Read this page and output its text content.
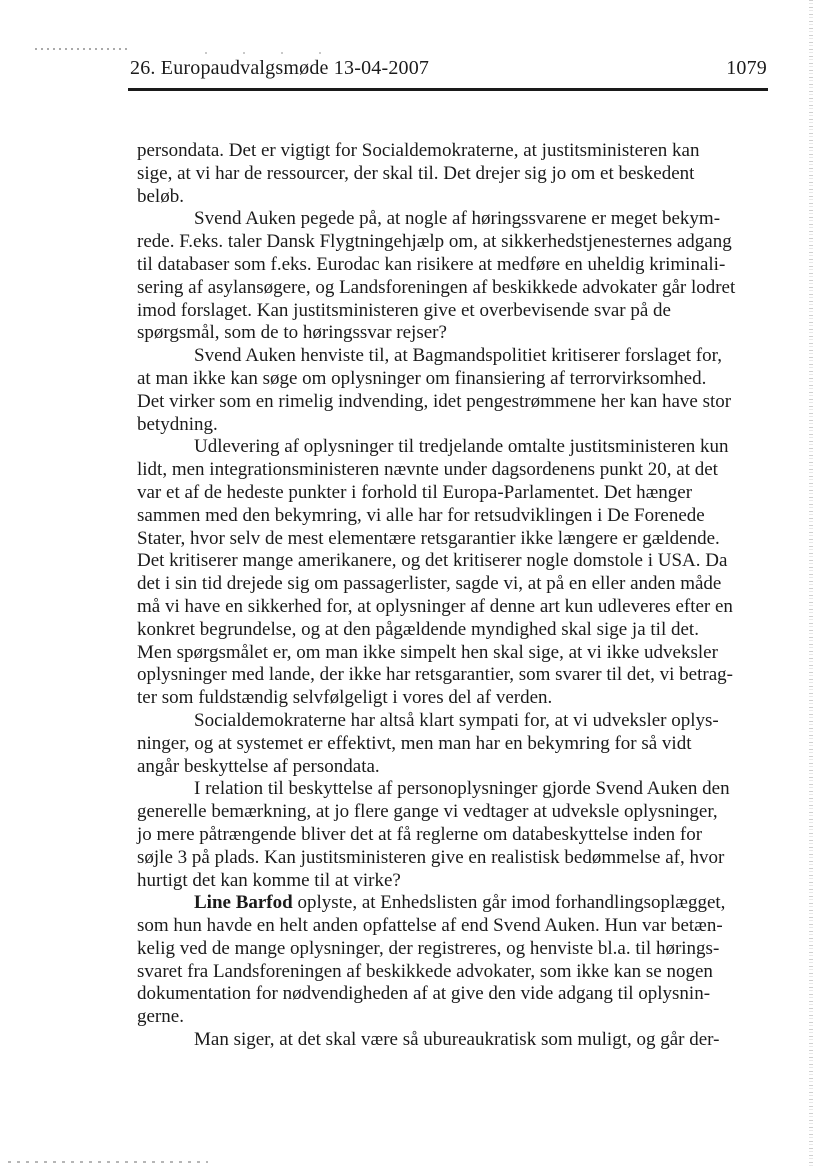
26. Europaudvalgsmøde 13-04-2007	1079
persondata. Det er vigtigt for Socialdemokraterne, at justitsministeren kan
sige, at vi har de ressourcer, der skal til. Det drejer sig jo om et beskedent
beløb.
Svend Auken pegede på, at nogle af høringssvarene er meget bekym-
rede. F.eks. taler Dansk Flygtningehjælp om, at sikkerhedstjenesternes adgang
til databaser som f.eks. Eurodac kan risikere at medføre en uheldig kriminali-
sering af asylansøgere, og Landsforeningen af beskikkede advokater går lodret
imod forslaget. Kan justitsministeren give et overbevisende svar på de
spørgsmål, som de to høringssvar rejser?
Svend Auken henviste til, at Bagmandspolitiet kritiserer forslaget for,
at man ikke kan søge om oplysninger om finansiering af terrorvirksomhed.
Det virker som en rimelig indvending, idet pengestrømmene her kan have stor
betydning.
Udlevering af oplysninger til tredjelande omtalte justitsministeren kun
lidt, men integrationsministeren nævnte under dagsordenens punkt 20, at det
var et af de hedeste punkter i forhold til Europa-Parlamentet. Det hænger
sammen med den bekymring, vi alle har for retsudviklingen i De Forenede
Stater, hvor selv de mest elementære retsgarantier ikke længere er gældende.
Det kritiserer mange amerikanere, og det kritiserer nogle domstole i USA. Da
det i sin tid drejede sig om passagerlister, sagde vi, at på en eller anden måde
må vi have en sikkerhed for, at oplysninger af denne art kun udleveres efter en
konkret begrundelse, og at den pågældende myndighed skal sige ja til det.
Men spørgsmålet er, om man ikke simpelt hen skal sige, at vi ikke udveksler
oplysninger med lande, der ikke har retsgarantier, som svarer til det, vi betrag-
ter som fuldstændig selvfølgeligt i vores del af verden.
Socialdemokraterne har altså klart sympati for, at vi udveksler oplys-
ninger, og at systemet er effektivt, men man har en bekymring for så vidt
angår beskyttelse af persondata.
I relation til beskyttelse af personoplysninger gjorde Svend Auken den
generelle bemærkning, at jo flere gange vi vedtager at udveksle oplysninger,
jo mere påtrængende bliver det at få reglerne om databeskyttelse inden for
søjle 3 på plads. Kan justitsministeren give en realistisk bedømmelse af, hvor
hurtigt det kan komme til at virke?
Line Barfod oplyste, at Enhedslisten går imod forhandlingsoplægget,
som hun havde en helt anden opfattelse af end Svend Auken. Hun var betæn-
kelig ved de mange oplysninger, der registreres, og henviste bl.a. til hørings-
svaret fra Landsforeningen af beskikkede advokater, som ikke kan se nogen
dokumentation for nødvendigheden af at give den vide adgang til oplysnin-
gerne.
Man siger, at det skal være så ubureaukratisk som muligt, og går der-
